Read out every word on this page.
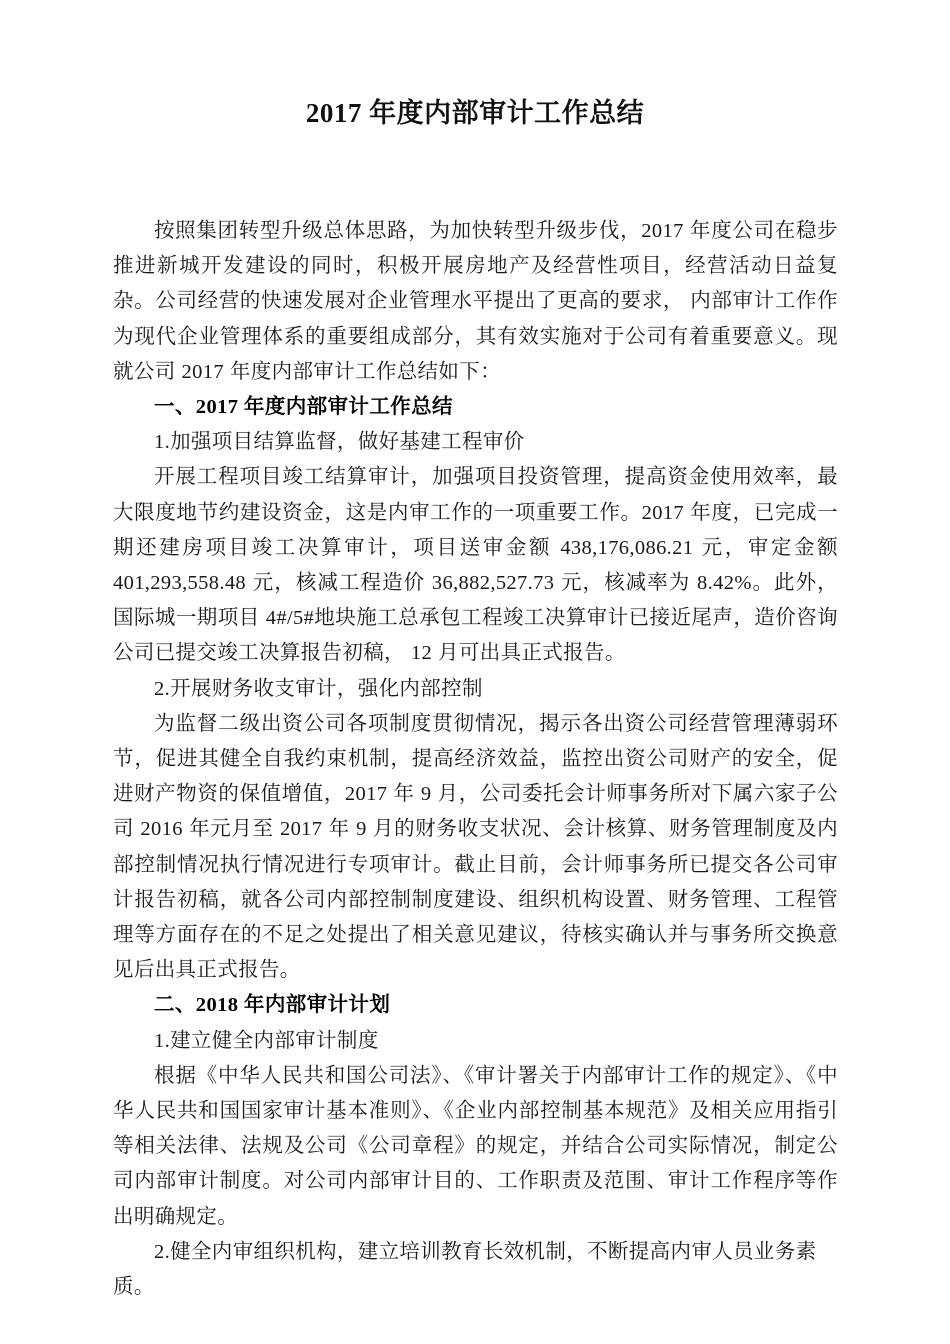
2017 年度内部审计工作总结

按照集团转型升级总体思路，为加快转型升级步伐，2017 年度公司在稳步推进新城开发建设的同时，积极开展房地产及经营性项目，经营活动日益复杂。公司经营的快速发展对企业管理水平提出了更高的要求， 内部审计工作作为现代企业管理体系的重要组成部分，其有效实施对于公司有着重要意义。现就公司 2017 年度内部审计工作总结如下：

一、2017 年度内部审计工作总结

1.加强项目结算监督，做好基建工程审价

开展工程项目竣工结算审计，加强项目投资管理，提高资金使用效率，最大限度地节约建设资金，这是内审工作的一项重要工作。2017 年度，已完成一期还建房项目竣工决算审计，项目送审金额 438,176,086.21 元，审定金额 401,293,558.48 元，核减工程造价 36,882,527.73 元，核减率为 8.42%。此外，国际城一期项目 4#/5#地块施工总承包工程竣工决算审计已接近尾声，造价咨询公司已提交竣工决算报告初稿， 12 月可出具正式报告。

2.开展财务收支审计，强化内部控制

为监督二级出资公司各项制度贯彻情况，揭示各出资公司经营管理薄弱环节，促进其健全自我约束机制，提高经济效益，监控出资公司财产的安全，促进财产物资的保值增值，2017 年 9 月，公司委托会计师事务所对下属六家子公司 2016 年元月至 2017 年 9 月的财务收支状况、会计核算、财务管理制度及内部控制情况执行情况进行专项审计。截止目前，会计师事务所已提交各公司审计报告初稿，就各公司内部控制制度建设、组织机构设置、财务管理、工程管理等方面存在的不足之处提出了相关意见建议，待核实确认并与事务所交换意见后出具正式报告。

二、2018 年内部审计计划

1.建立健全内部审计制度

根据《中华人民共和国公司法》、《审计署关于内部审计工作的规定》、《中华人民共和国国家审计基本准则》、《企业内部控制基本规范》及相关应用指引等相关法律、法规及公司《公司章程》的规定，并结合公司实际情况，制定公司内部审计制度。对公司内部审计目的、工作职责及范围、审计工作程序等作出明确规定。

2.健全内审组织机构，建立培训教育长效机制，不断提高内审人员业务素质。
